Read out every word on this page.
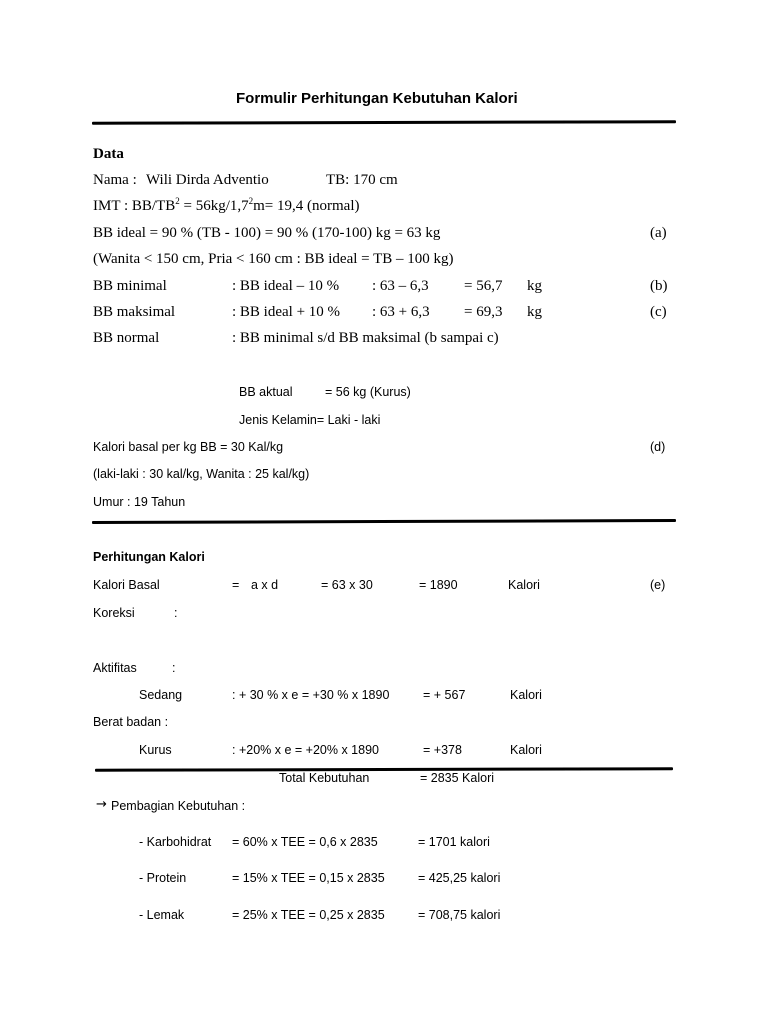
Formulir Perhitungan Kebutuhan Kalori
Data
Nama : Wili Dirda Adventio	TB: 170 cm
IMT : $BB/TB^2 = 56kg/1,7^2m= 19,4$ (normal)
BB ideal = 90 % (TB - 100) = 90 % (170-100) kg = 63 kg	(a)
(Wanita < 150 cm, Pria < 160 cm : BB ideal = TB – 100 kg)
BB minimal	: BB ideal – 10 % : 63 – 6,3 = 56,7 kg	(b)
BB maksimal	: BB ideal + 10 % : 63 + 6,3 = 69,3 kg	(c)
BB normal	: BB minimal s/d BB maksimal (b sampai c)
BB aktual	= 56 kg (Kurus)
Jenis Kelamin= Laki - laki
Kalori basal per kg BB = 30 Kal/kg	(d)
(laki-laki : 30 kal/kg, Wanita : 25 kal/kg)
Umur : 19 Tahun
Perhitungan Kalori
Kalori Basal	= a x d	= 63 x 30	= 1890	Kalori	(e)
Koreksi	:
Aktifitas	:
Sedang	: + 30 % x e = +30 % x 1890	= + 567	Kalori
Berat badan :
Kurus	: +20% x e = +20% x 1890	= +378	Kalori
Total Kebutuhan	= 2835 Kalori
→ Pembagian Kebutuhan :
- Karbohidrat = 60% x TEE = 0,6 x 2835	= 1701 kalori
- Protein	= 15% x TEE = 0,15 x 2835	= 425,25 kalori
- Lemak	= 25% x TEE = 0,25 x 2835	= 708,75 kalori
